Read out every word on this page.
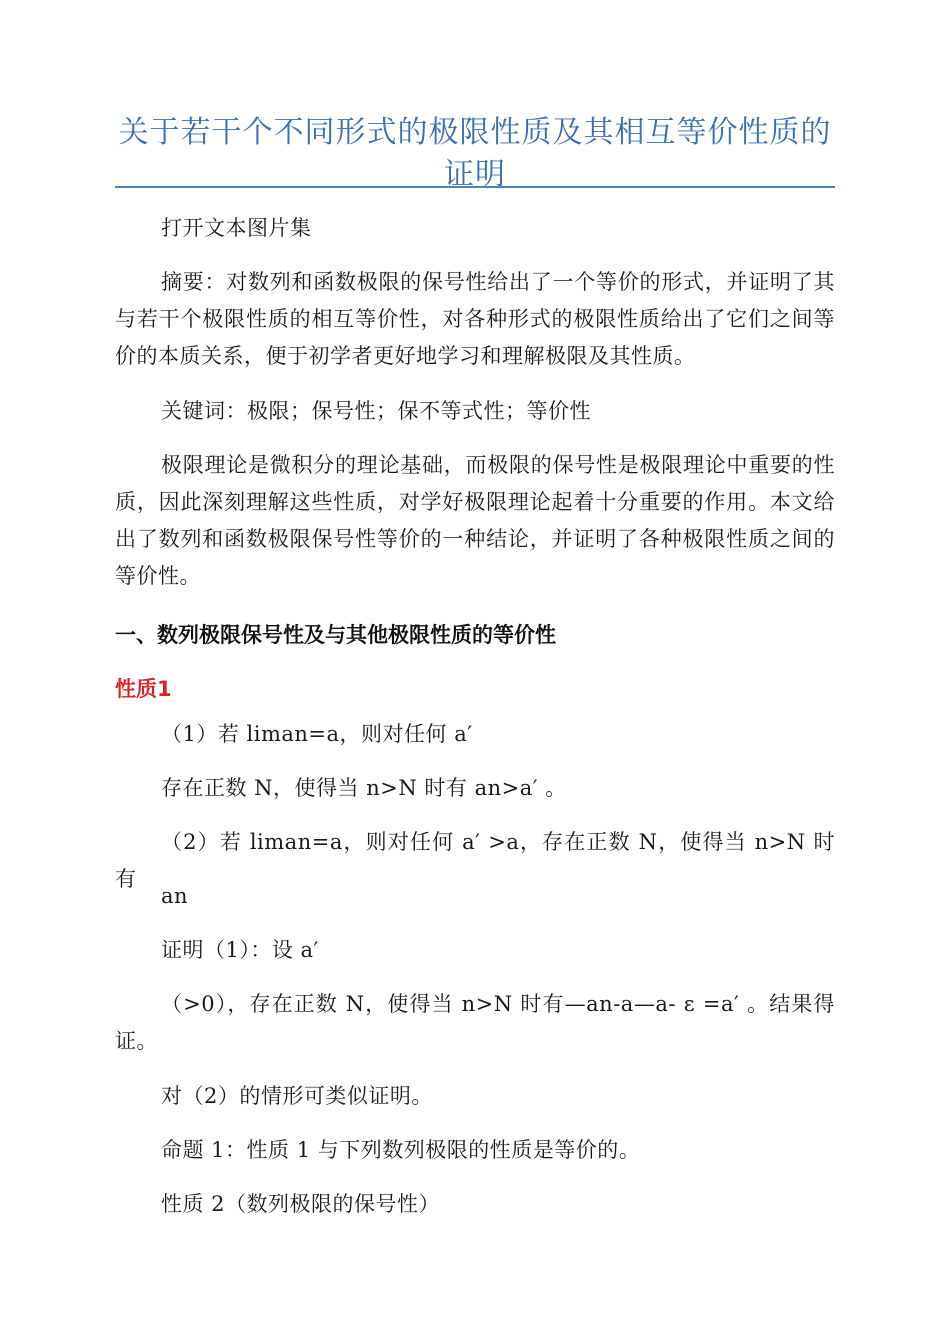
关于若干个不同形式的极限性质及其相互等价性质的证明

打开文本图片集

摘要：对数列和函数极限的保号性给出了一个等价的形式，并证明了其与若干个极限性质的相互等价性，对各种形式的极限性质给出了它们之间等价的本质关系，便于初学者更好地学习和理解极限及其性质。

关键词：极限；保号性；保不等式性；等价性

极限理论是微积分的理论基础，而极限的保号性是极限理论中重要的性质，因此深刻理解这些性质，对学好极限理论起着十分重要的作用。本文给出了数列和函数极限保号性等价的一种结论，并证明了各种极限性质之间的等价性。

一、数列极限保号性及与其他极限性质的等价性
性质1

（1）若 liman=a，则对任何 a′

存在正数 N，使得当 n>N 时有 an>a′ 。

（2）若 liman=a，则对任何 a′ >a，存在正数 N，使得当 n>N 时有

an

证明（1）：设 a′

（>0），存在正数 N，使得当 n>N 时有—an-a—a- ε =a′ 。结果得证。

对（2）的情形可类似证明。

命题 1：性质 1 与下列数列极限的性质是等价的。

性质 2（数列极限的保号性）
